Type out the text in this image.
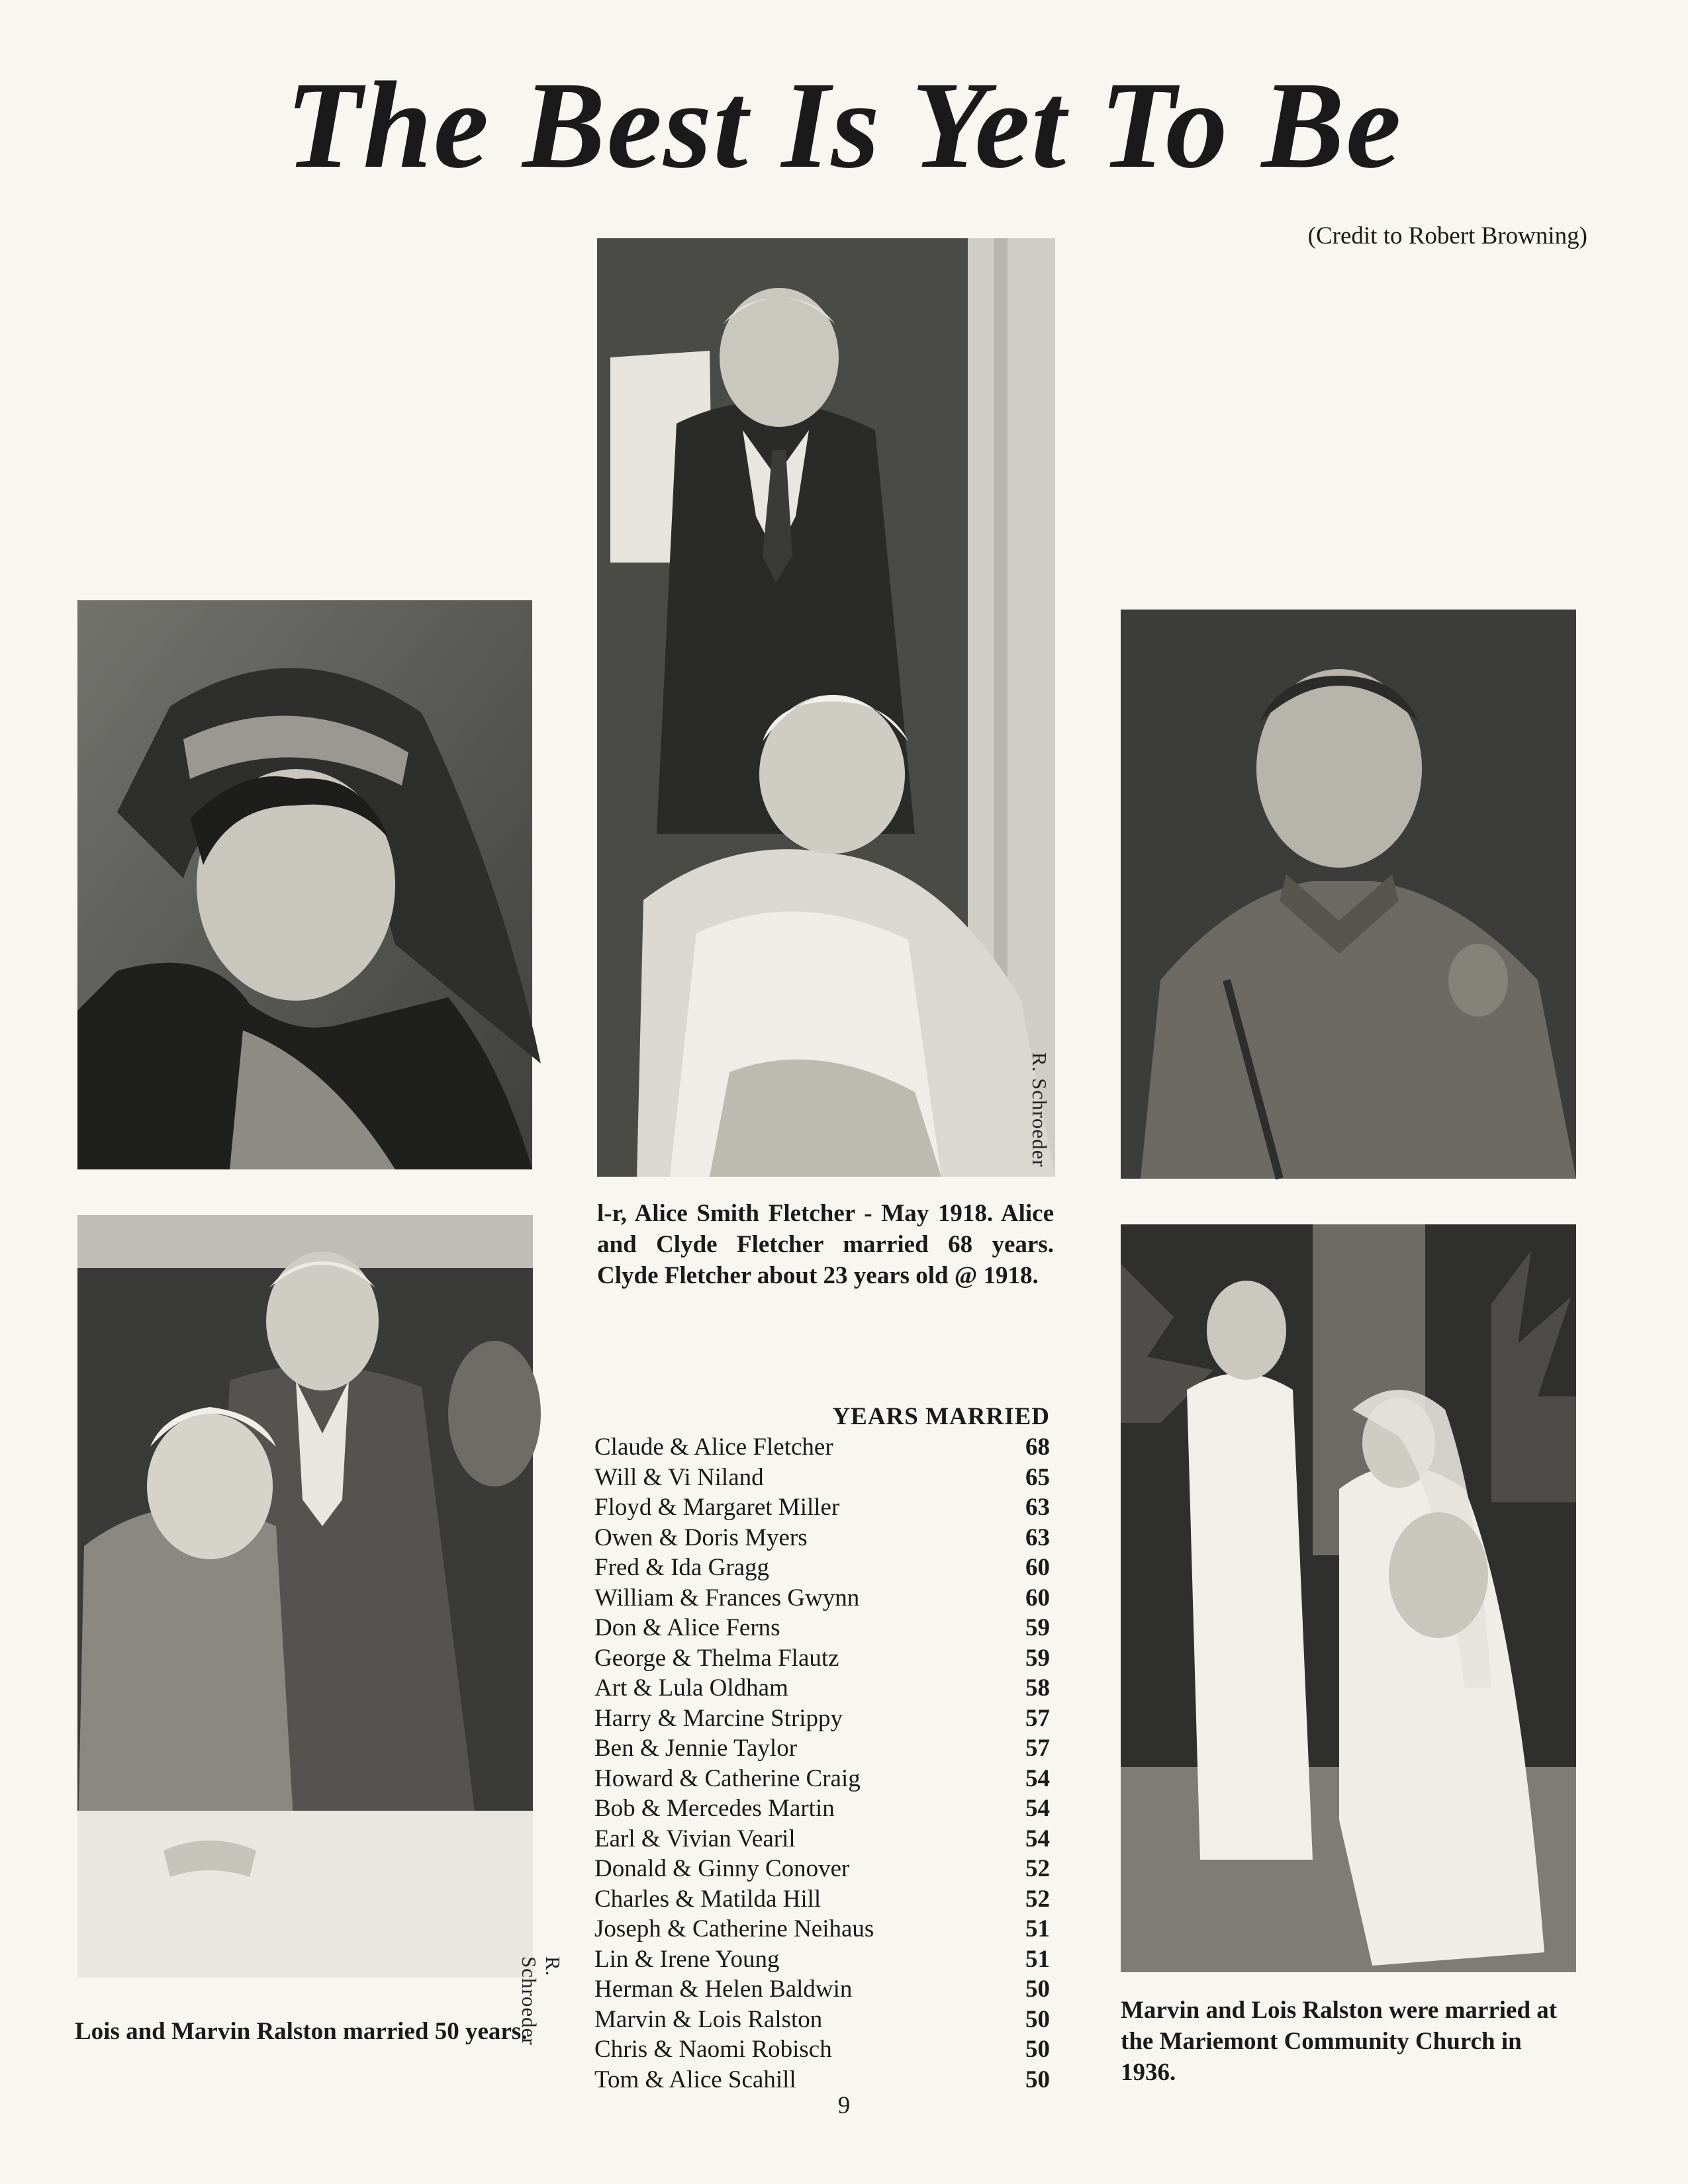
The Best Is Yet To Be
(Credit to Robert Browning)
R. Schroeder
R. Schroeder
l-r, Alice Smith Fletcher - May 1918. Alice and Clyde Fletcher married 68 years. Clyde Fletcher about 23 years old @ 1918.
Lois and Marvin Ralston married 50 years.
Marvin and Lois Ralston were married at the Mariemont Community Church in 1936.
YEARS MARRIED
Claude & Alice Fletcher	68
Will & Vi Niland	65
Floyd & Margaret Miller	63
Owen & Doris Myers	63
Fred & Ida Gragg	60
William & Frances Gwynn	60
Don & Alice Ferns	59
George & Thelma Flautz	59
Art & Lula Oldham	58
Harry & Marcine Strippy	57
Ben & Jennie Taylor	57
Howard & Catherine Craig	54
Bob & Mercedes Martin	54
Earl & Vivian Vearil	54
Donald & Ginny Conover	52
Charles & Matilda Hill	52
Joseph & Catherine Neihaus	51
Lin & Irene Young	51
Herman & Helen Baldwin	50
Marvin & Lois Ralston	50
Chris & Naomi Robisch	50
Tom & Alice Scahill	50
9
